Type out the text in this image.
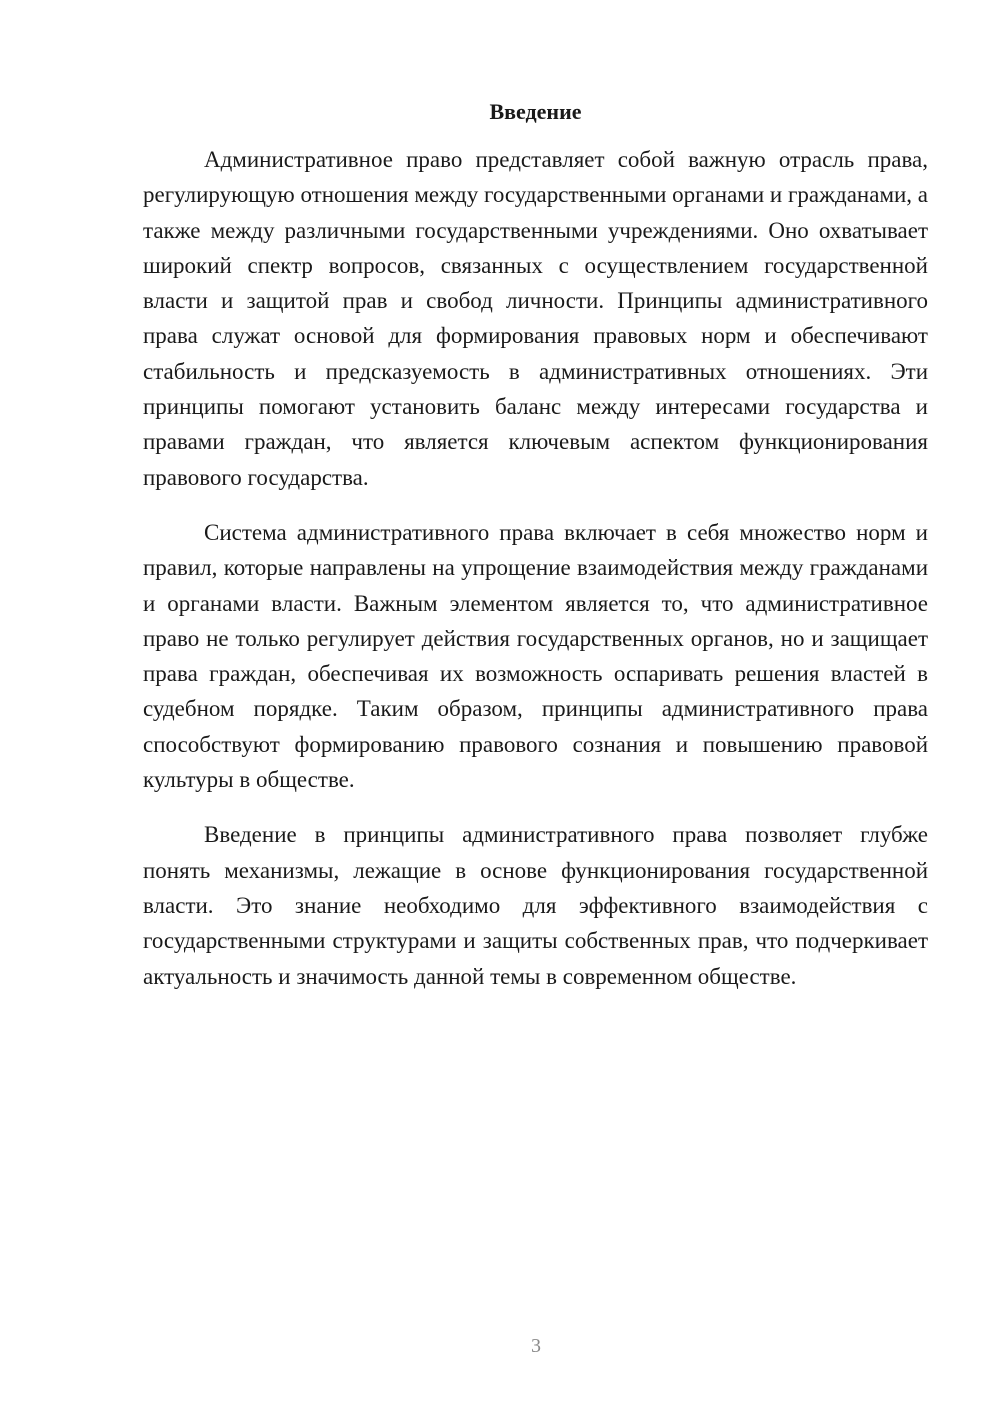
Введение

Административное право представляет собой важную отрасль права, регулирующую отношения между государственными органами и гражданами, а также между различными государственными учреждениями. Оно охватывает широкий спектр вопросов, связанных с осуществлением государственной власти и защитой прав и свобод личности. Принципы административного права служат основой для формирования правовых норм и обеспечивают стабильность и предсказуемость в административных отношениях. Эти принципы помогают установить баланс между интересами государства и правами граждан, что является ключевым аспектом функционирования правового государства.

Система административного права включает в себя множество норм и правил, которые направлены на упрощение взаимодействия между гражданами и органами власти. Важным элементом является то, что административное право не только регулирует действия государственных органов, но и защищает права граждан, обеспечивая их возможность оспаривать решения властей в судебном порядке. Таким образом, принципы административного права способствуют формированию правового сознания и повышению правовой культуры в обществе.

Введение в принципы административного права позволяет глубже понять механизмы, лежащие в основе функционирования государственной власти. Это знание необходимо для эффективного взаимодействия с государственными структурами и защиты собственных прав, что подчеркивает актуальность и значимость данной темы в современном обществе.

3
